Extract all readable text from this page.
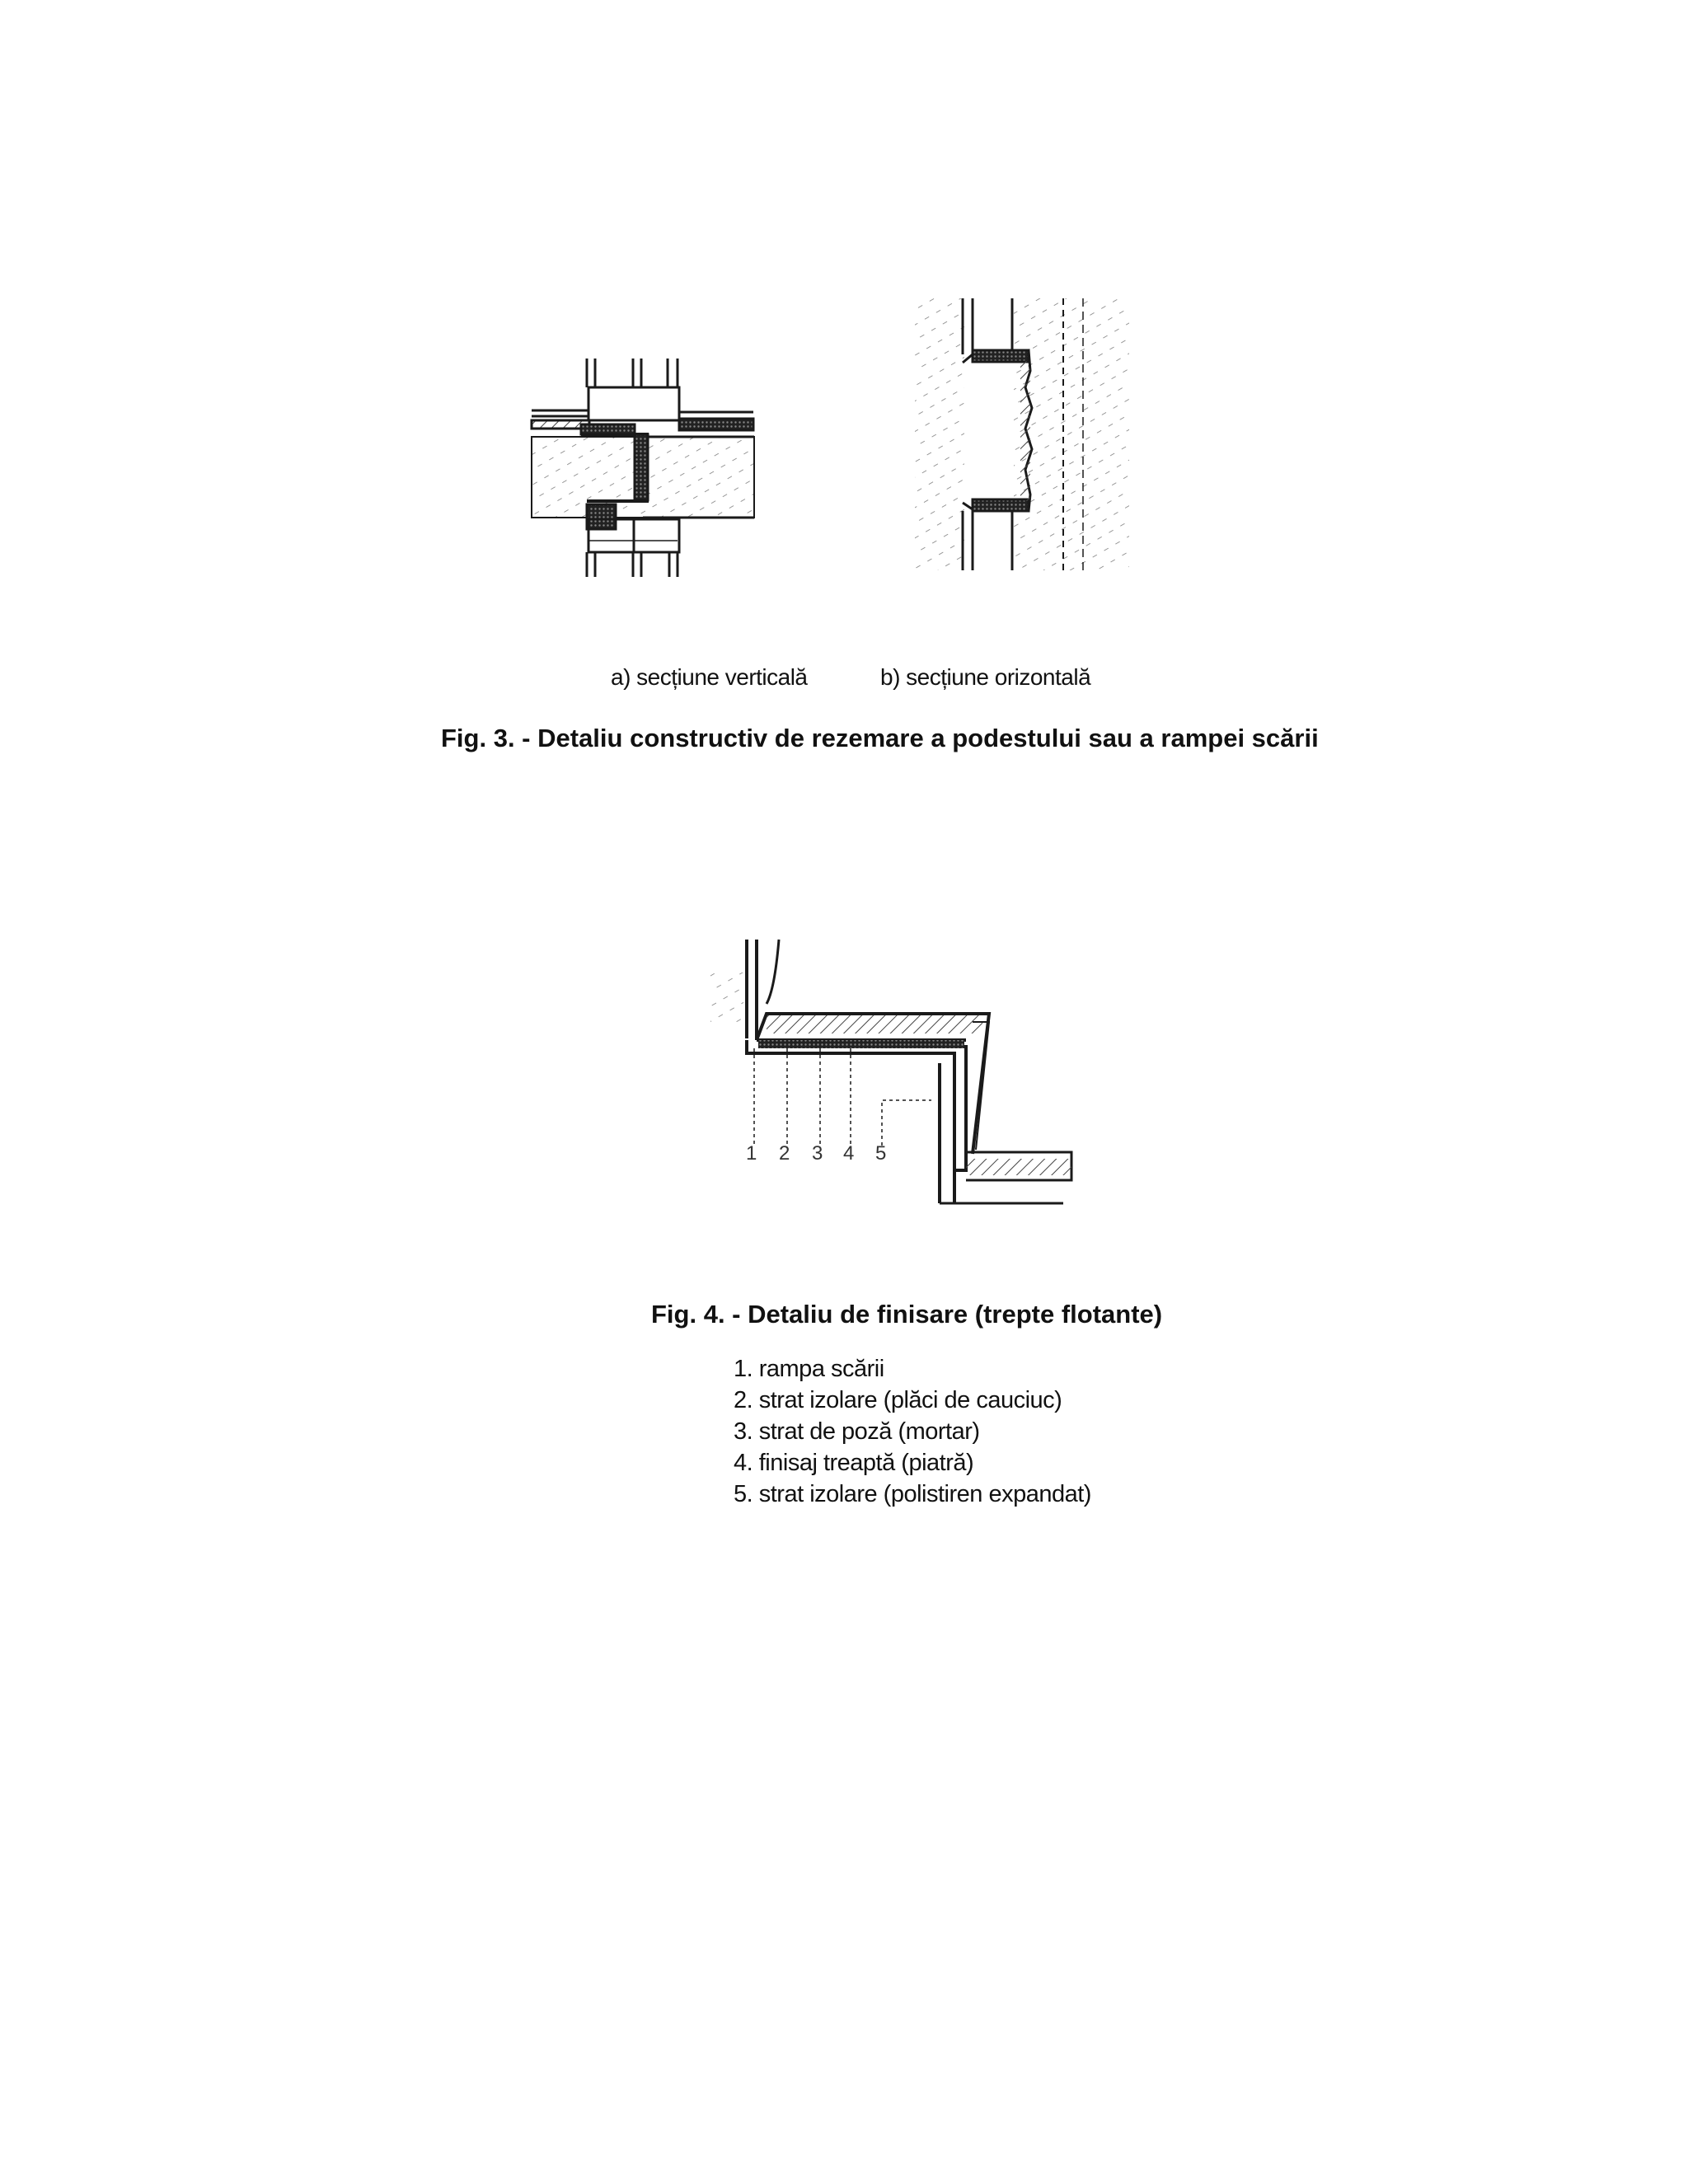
a) secțiune verticală	b) secțiune orizontală
Fig. 3. - Detaliu constructiv de rezemare a podestului sau a rampei scării
1 2 3 4 5
Fig. 4. - Detaliu de finisare (trepte flotante)
1. rampa scării
2. strat izolare (plăci de cauciuc)
3. strat de poză (mortar)
4. finisaj treaptă (piatră)
5. strat izolare (polistiren expandat)
